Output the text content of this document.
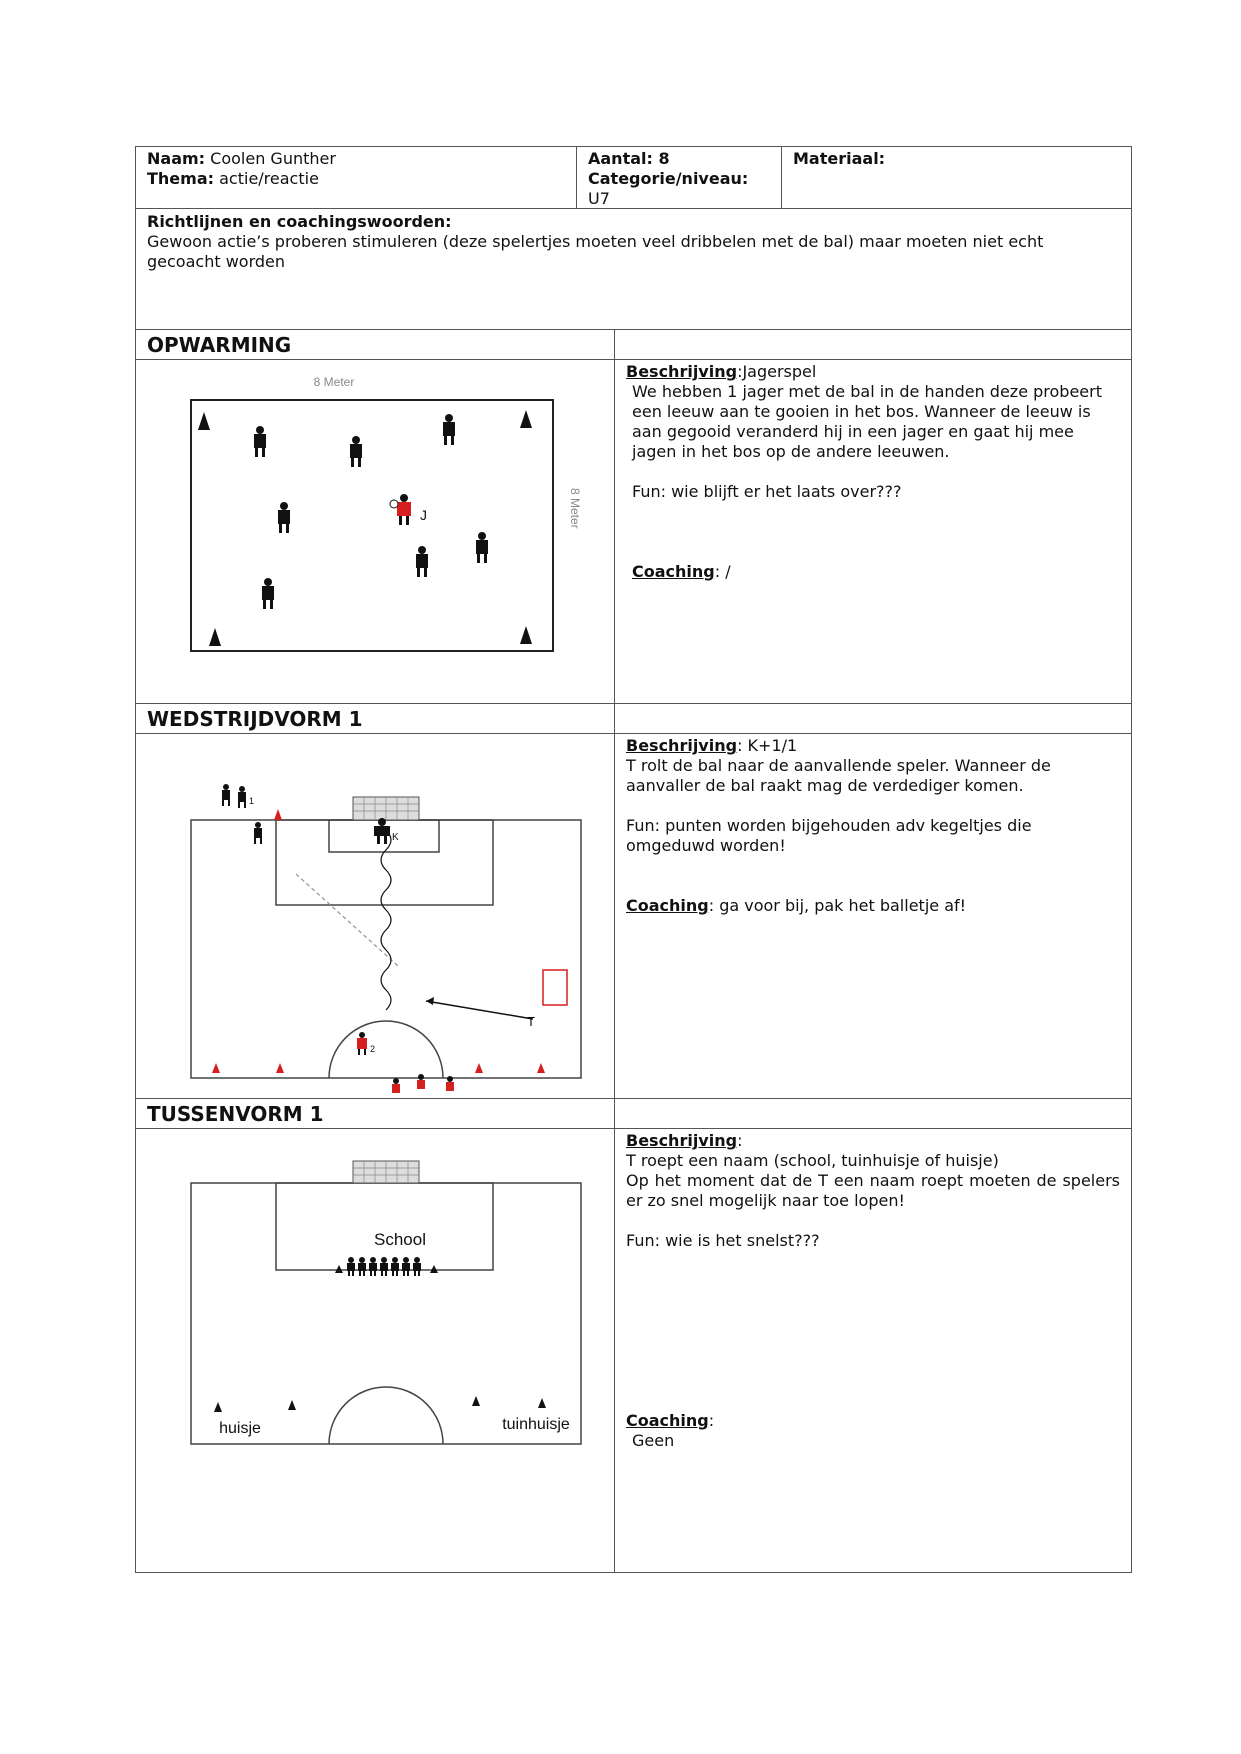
Naam: Coolen Gunther
Thema: actie/reactie
Aantal: 8
Categorie/niveau:
U7
Materiaal:
Richtlijnen en coachingswoorden:
Gewoon actie’s proberen stimuleren (deze spelertjes moeten veel dribbelen met de bal) maar moeten niet echt gecoacht worden
OPWARMING
8 Meter
8 Meter
J

Beschrijving:Jagerspel

We hebben 1 jager met de bal in de handen deze probeert een leeuw aan te gooien in het bos. Wanneer de leeuw is aan gegooid veranderd hij in een jager en gaat hij mee jagen in het bos op de andere leeuwen.

Fun: wie blijft er het laats over???

Coaching: /

WEDSTRIJDVORM 1
T
K
1
2

Beschrijving: K+1/1

T rolt de bal naar de aanvallende speler. Wanneer de aanvaller de bal raakt mag de verdediger komen.

Fun: punten worden bijgehouden adv kegeltjes die omgeduwd worden!

Coaching: ga voor bij, pak het balletje af!

TUSSENVORM 1
School
huisje	tuinhuisje

Beschrijving:

T roept een naam (school, tuinhuisje of huisje)

Op het moment dat de T een naam roept moeten de spelers er zo snel mogelijk naar toe lopen!

Fun: wie is het snelst???

Coaching:

Geen
